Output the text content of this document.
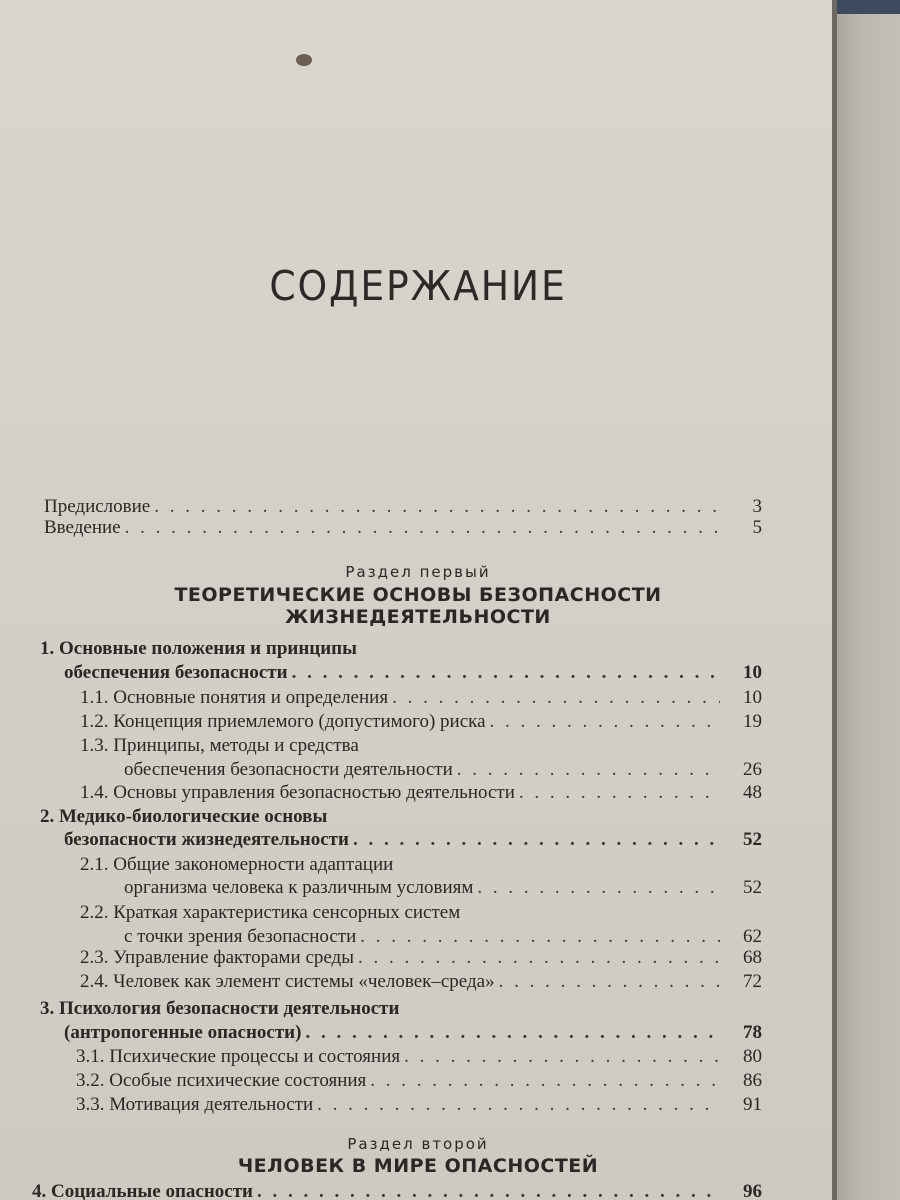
СОДЕРЖАНИЕ
Предисловие . . .	3
Введение . . .	5
Раздел первый
ТЕОРЕТИЧЕСКИЕ ОСНОВЫ БЕЗОПАСНОСТИ
ЖИЗНЕДЕЯТЕЛЬНОСТИ
1. Основные положения и принципы
обеспечения безопасности . . .	10
1.1. Основные понятия и определения . . .	10
1.2. Концепция приемлемого (допустимого) риска . . .	19
1.3. Принципы, методы и средства
обеспечения безопасности деятельности . . .	26
1.4. Основы управления безопасностью деятельности . . .	48
2. Медико-биологические основы
безопасности жизнедеятельности . . .	52
2.1. Общие закономерности адаптации
организма человека к различным условиям . . .	52
2.2. Краткая характеристика сенсорных систем
с точки зрения безопасности . . .	62
2.3. Управление факторами среды . . .	68
2.4. Человек как элемент системы «человек–среда» . . .	72
3. Психология безопасности деятельности
(антропогенные опасности) . . .	78
3.1. Психические процессы и состояния . . .	80
3.2. Особые психические состояния . . .	86
3.3. Мотивация деятельности . . .	91
Раздел второй
ЧЕЛОВЕК В МИРЕ ОПАСНОСТЕЙ
4. Социальные опасности . . .	96
